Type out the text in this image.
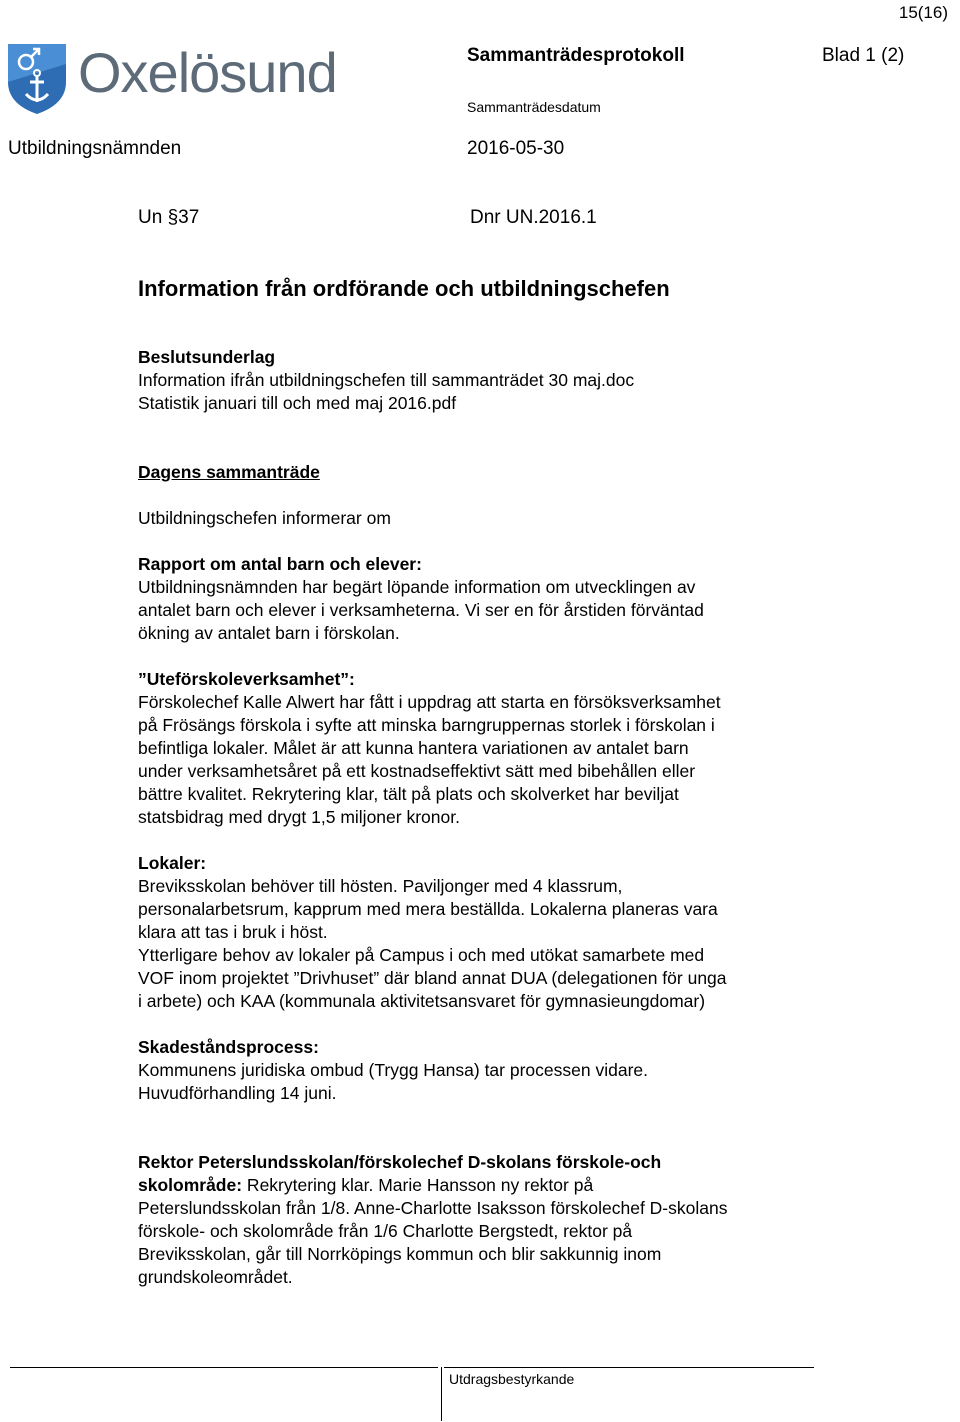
15(16)
Oxelösund	Sammanträdesprotokoll	Blad 1 (2)
Sammanträdesdatum
Utbildningsnämnden	2016-05-30
Un §37	Dnr UN.2016.1
Information från ordförande och utbildningschefen

Beslutsunderlag

Information ifrån utbildningschefen till sammanträdet 30 maj.doc

Statistik januari till och med maj 2016.pdf

Dagens sammanträde

Utbildningschefen informerar om

Rapport om antal barn och elever:

Utbildningsnämnden har begärt löpande information om utvecklingen av

antalet barn och elever i verksamheterna. Vi ser en för årstiden förväntad

ökning av antalet barn i förskolan.

”Uteförskoleverksamhet”:

Förskolechef Kalle Alwert har fått i uppdrag att starta en försöksverksamhet

på Frösängs förskola i syfte att minska barngruppernas storlek i förskolan i

befintliga lokaler. Målet är att kunna hantera variationen av antalet barn

under verksamhetsåret på ett kostnadseffektivt sätt med bibehållen eller

bättre kvalitet. Rekrytering klar, tält på plats och skolverket har beviljat

statsbidrag med drygt 1,5 miljoner kronor.

Lokaler:

Breviksskolan behöver till hösten. Paviljonger med 4 klassrum,

personalarbetsrum, kapprum med mera beställda. Lokalerna planeras vara

klara att tas i bruk i höst.

Ytterligare behov av lokaler på Campus i och med utökat samarbete med

VOF inom projektet ”Drivhuset” där bland annat DUA (delegationen för unga

i arbete) och KAA (kommunala aktivitetsansvaret för gymnasieungdomar)

Skadeståndsprocess:

Kommunens juridiska ombud (Trygg Hansa) tar processen vidare.

Huvudförhandling 14 juni.

Rektor Peterslundsskolan/förskolechef D-skolans förskole-och

skolområde: Rekrytering klar. Marie Hansson ny rektor på

Peterslundsskolan från 1/8. Anne-Charlotte Isaksson förskolechef D-skolans

förskole- och skolområde från 1/6 Charlotte Bergstedt, rektor på

Breviksskolan, går till Norrköpings kommun och blir sakkunnig inom

grundskoleområdet.

Utdragsbestyrkande
